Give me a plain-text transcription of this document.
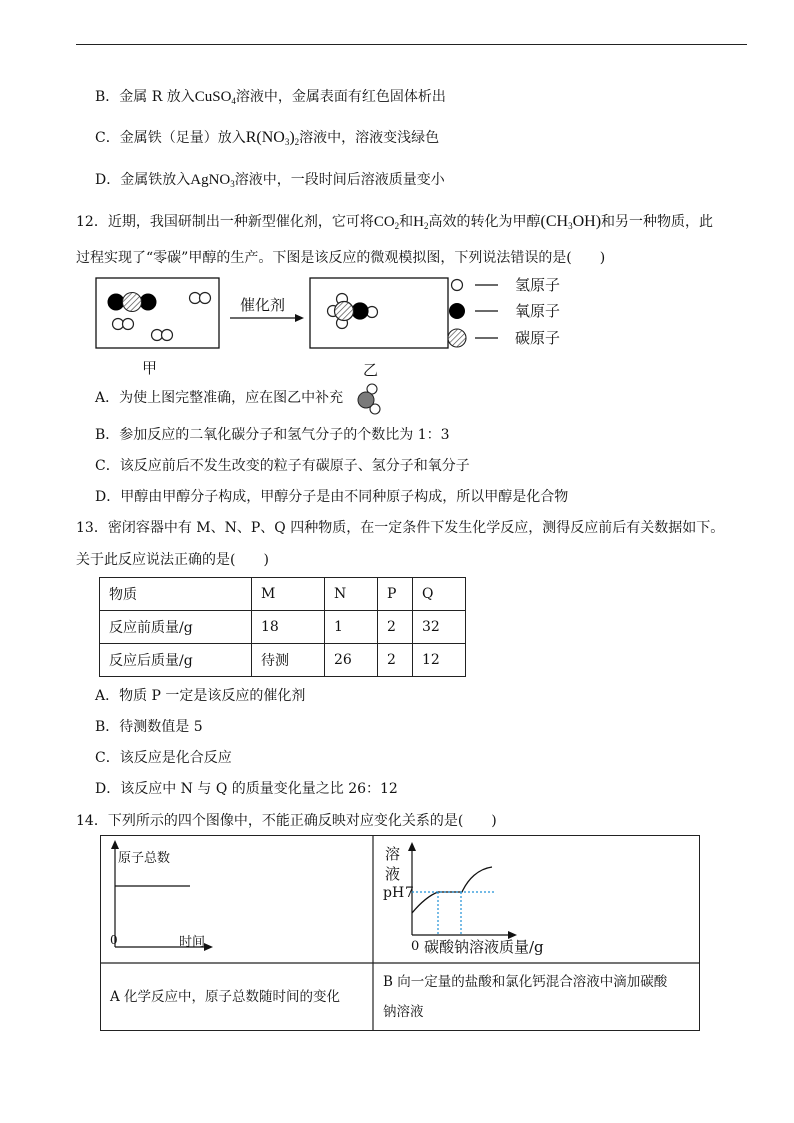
B．金属 R 放入CuSO$_4$溶液中，金属表面有红色固体析出
C．金属铁（足量）放入$R(NO_3)_2$溶液中，溶液变浅绿色
D．金属铁放入AgNO$_3$溶液中，一段时间后溶液质量变小
12．近期，我国研制出一种新型催化剂，它可将$CO_2$和$H_2$高效的转化为甲醇$(CH_3OH)$和另一种物质，此
过程实现了“零碳”甲醇的生产。下图是该反应的微观模拟图，下列说法错误的是(　　)
催化剂
氢原子
氧原子
碳原子
甲	乙
A．为使上图完整准确，应在图乙中补充
B．参加反应的二氧化碳分子和氢气分子的个数比为 1：3
C．该反应前后不发生改变的粒子有碳原子、氢分子和氧分子
D．甲醇由甲醇分子构成，甲醇分子是由不同种原子构成，所以甲醇是化合物
13．密闭容器中有 M、N、P、Q 四种物质，在一定条件下发生化学反应，测得反应前后有关数据如下。
关于此反应说法正确的是(　　)
物质	M	N	P	Q
反应前质量/g	18	1	2	32
反应后质量/g	待测	26	2	12
A．物质 P 一定是该反应的催化剂
B．待测数值是 5
C．该反应是化合反应
D．该反应中 N 与 Q 的质量变化量之比 26：12
14．下列所示的四个图像中，不能正确反映对应变化关系的是(　　)
原子总数
0	时间
溶
液
pH 7
0 碳酸钠溶液质量/g
A 化学反应中，原子总数随时间的变化
B 向一定量的盐酸和氯化钙混合溶液中滴加碳酸
钠溶液
